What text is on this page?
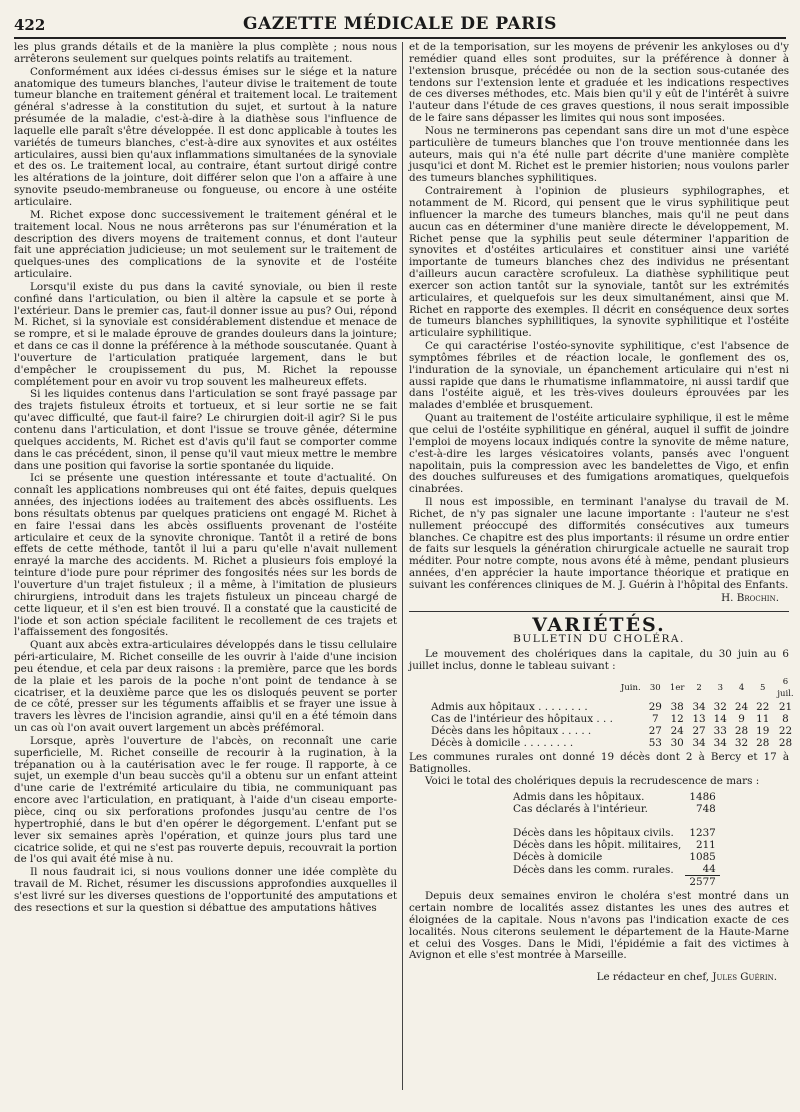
422	GAZETTE MÉDICALE DE PARIS

les plus grands détails et de la manière la plus complète ; nous nous arrêterons seulement sur quelques points relatifs au traitement.

Conformément aux idées ci-dessus émises sur le siége et la nature anatomique des tumeurs blanches, l'auteur divise le traitement de toute tumeur blanche en traitement général et traitement local. Le traitement général s'adresse à la constitution du sujet, et surtout à la nature présumée de la maladie, c'est-à-dire à la diathèse sous l'influence de laquelle elle paraît s'être développée. Il est donc applicable à toutes les variétés de tumeurs blanches, c'est-à-dire aux synovites et aux ostéites articulaires, aussi bien qu'aux inflammations simultanées de la synoviale et des os. Le traitement local, au contraire, étant surtout dirigé contre les altérations de la jointure, doit différer selon que l'on a affaire à une synovite pseudo-membraneuse ou fongueuse, ou encore à une ostéite articulaire.

M. Richet expose donc successivement le traitement général et le traitement local. Nous ne nous arrêterons pas sur l'énumération et la description des divers moyens de traitement connus, et dont l'auteur fait une appréciation judicieuse; un mot seulement sur le traitement de quelques-unes des complications de la synovite et de l'ostéite articulaire.

Lorsqu'il existe du pus dans la cavité synoviale, ou bien il reste confiné dans l'articulation, ou bien il altère la capsule et se porte à l'extérieur. Dans le premier cas, faut-il donner issue au pus? Oui, répond M. Richet, si la synoviale est considérablement distendue et menace de se rompre, et si le malade éprouve de grandes douleurs dans la jointure; et dans ce cas il donne la préférence à la méthode souscutanée. Quant à l'ouverture de l'articulation pratiquée largement, dans le but d'empêcher le croupissement du pus, M. Richet la repousse complétement pour en avoir vu trop souvent les malheureux effets.

Si les liquides contenus dans l'articulation se sont frayé passage par des trajets fistuleux étroits et tortueux, et si leur sortie ne se fait qu'avec difficulté, que faut-il faire? Le chirurgien doit-il agir? Si le pus contenu dans l'articulation, et dont l'issue se trouve gênée, détermine quelques accidents, M. Richet est d'avis qu'il faut se comporter comme dans le cas précédent, sinon, il pense qu'il vaut mieux mettre le membre dans une position qui favorise la sortie spontanée du liquide.

Ici se présente une question intéressante et toute d'actualité. On connaît les applications nombreuses qui ont été faites, depuis quelques années, des injections iodées au traitement des abcès ossifluents. Les bons résultats obtenus par quelques praticiens ont engagé M. Richet à en faire l'essai dans les abcès ossifluents provenant de l'ostéite articulaire et ceux de la synovite chronique. Tantôt il a retiré de bons effets de cette méthode, tantôt il lui a paru qu'elle n'avait nullement enrayé la marche des accidents. M. Richet a plusieurs fois employé la teinture d'iode pure pour réprimer des fongosités nées sur les bords de l'ouverture d'un trajet fistuleux ; il a même, à l'imitation de plusieurs chirurgiens, introduit dans les trajets fistuleux un pinceau chargé de cette liqueur, et il s'en est bien trouvé. Il a constaté que la causticité de l'iode et son action spéciale facilitent le recollement de ces trajets et l'affaissement des fongosités.

Quant aux abcès extra-articulaires développés dans le tissu cellulaire péri-articulaire, M. Richet conseille de les ouvrir à l'aide d'une incision peu étendue, et cela par deux raisons : la première, parce que les bords de la plaie et les parois de la poche n'ont point de tendance à se cicatriser, et la deuxième parce que les os disloqués peuvent se porter de ce côté, presser sur les téguments affaiblis et se frayer une issue à travers les lèvres de l'incision agrandie, ainsi qu'il en a été témoin dans un cas où l'on avait ouvert largement un abcès préfémoral.

Lorsque, après l'ouverture de l'abcès, on reconnaît une carie superficielle, M. Richet conseille de recourir à la rugination, à la trépanation ou à la cautérisation avec le fer rouge. Il rapporte, à ce sujet, un exemple d'un beau succès qu'il a obtenu sur un enfant atteint d'une carie de l'extrémité articulaire du tibia, ne communiquant pas encore avec l'articulation, en pratiquant, à l'aide d'un ciseau emporte-pièce, cinq ou six perforations profondes jusqu'au centre de l'os hypertrophié, dans le but d'en opérer le dégorgement. L'enfant put se lever six semaines après l'opération, et quinze jours plus tard une cicatrice solide, et qui ne s'est pas rouverte depuis, recouvrait la portion de l'os qui avait été mise à nu.

Il nous faudrait ici, si nous voulions donner une idée complète du travail de M. Richet, résumer les discussions approfondies auxquelles il s'est livré sur les diverses questions de l'opportunité des amputations et des resections et sur la question si débattue des amputations hâtives

et de la temporisation, sur les moyens de prévenir les ankyloses ou d'y remédier quand elles sont produites, sur la préférence à donner à l'extension brusque, précédée ou non de la section sous-cutanée des tendons sur l'extension lente et graduée et les indications respectives de ces diverses méthodes, etc. Mais bien qu'il y eût de l'intérêt à suivre l'auteur dans l'étude de ces graves questions, il nous serait impossible de le faire sans dépasser les limites qui nous sont imposées.

Nous ne terminerons pas cependant sans dire un mot d'une espèce particulière de tumeurs blanches que l'on trouve mentionnée dans les auteurs, mais qui n'a été nulle part décrite d'une manière complète jusqu'ici et dont M. Richet est le premier historien; nous voulons parler des tumeurs blanches syphilitiques.

Contrairement à l'opinion de plusieurs syphilographes, et notamment de M. Ricord, qui pensent que le virus syphilitique peut influencer la marche des tumeurs blanches, mais qu'il ne peut dans aucun cas en déterminer d'une manière directe le développement, M. Richet pense que la syphilis peut seule déterminer l'apparition de synovites et d'ostéites articulaires et constituer ainsi une variété importante de tumeurs blanches chez des individus ne présentant d'ailleurs aucun caractère scrofuleux. La diathèse syphilitique peut exercer son action tantôt sur la synoviale, tantôt sur les extrémités articulaires, et quelquefois sur les deux simultanément, ainsi que M. Richet en rapporte des exemples. Il décrit en conséquence deux sortes de tumeurs blanches syphilitiques, la synovite syphilitique et l'ostéite articulaire syphilitique.

Ce qui caractérise l'ostéo-synovite syphilitique, c'est l'absence de symptômes fébriles et de réaction locale, le gonflement des os, l'induration de la synoviale, un épanchement articulaire qui n'est ni aussi rapide que dans le rhumatisme inflammatoire, ni aussi tardif que dans l'ostéite aiguë, et les très-vives douleurs éprouvées par les malades d'emblée et brusquement.

Quant au traitement de l'ostéite articulaire syphilique, il est le même que celui de l'ostéite syphilitique en général, auquel il suffit de joindre l'emploi de moyens locaux indiqués contre la synovite de même nature, c'est-à-dire les larges vésicatoires volants, pansés avec l'onguent napolitain, puis la compression avec les bandelettes de Vigo, et enfin des douches sulfureuses et des fumigations aromatiques, quelquefois cinabrées.

Il nous est impossible, en terminant l'analyse du travail de M. Richet, de n'y pas signaler une lacune importante : l'auteur ne s'est nullement préoccupé des difformités consécutives aux tumeurs blanches. Ce chapitre est des plus importants: il résume un ordre entier de faits sur lesquels la génération chirurgicale actuelle ne saurait trop méditer. Pour notre compte, nous avons été à même, pendant plusieurs années, d'en apprécier la haute importance théorique et pratique en suivant les conférences cliniques de M. J. Guérin à l'hôpital des Enfants.

H. Brochin.
VARIÉTÉS.
BULLETIN DU CHOLÉRA.

Le mouvement des cholériques dans la capitale, du 30 juin au 6 juillet inclus, donne le tableau suivant :

	Juin.	30	1er	2	3	4	5	6 juil.
Admis aux hôpitaux . . . . . . . .		29	38	34	32	24	22	21
Cas de l'intérieur des hôpitaux . . .		7	12	13	14	9	11	8
Décès dans les hôpitaux . . . . .		27	24	27	33	28	19	22
Décès à domicile . . . . . . . .		53	30	34	34	32	28	28

Les communes rurales ont donné 19 décès dont 2 à Bercy et 17 à Batignolles.

Voici le total des cholériques depuis la recrudescence de mars :

Admis dans les hôpitaux.	1486
Cas déclarés à l'intérieur.	748

Décès dans les hôpitaux civils.	1237
Décès dans les hôpit. militaires,	211
Décès à domicile	1085
Décès dans les comm. rurales.	44
	2577

Depuis deux semaines environ le choléra s'est montré dans un certain nombre de localités assez distantes les unes des autres et éloignées de la capitale. Nous n'avons pas l'indication exacte de ces localités. Nous citerons seulement le département de la Haute-Marne et celui des Vosges. Dans le Midi, l'épidémie a fait des victimes à Avignon et elle s'est montrée à Marseille.

Le rédacteur en chef, Jules Guérin.
